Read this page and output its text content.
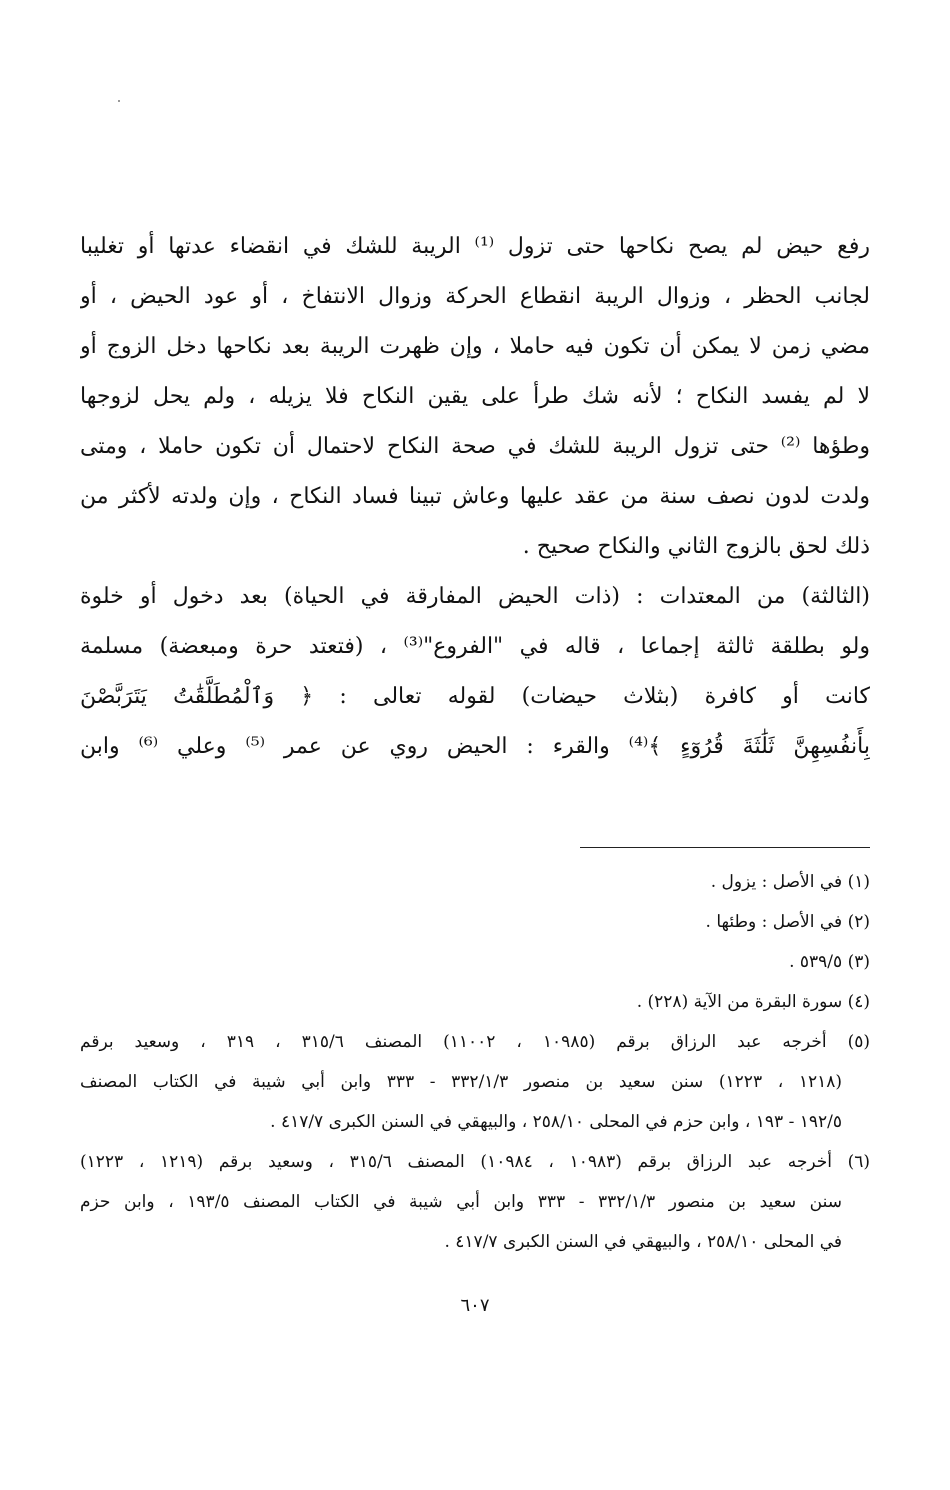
رفع حيض لم يصح نكاحها حتى تزول ⁽¹⁾ الريبة للشك في انقضاء عدتها أو تغليبا
لجانب الحظر ، وزوال الريبة انقطاع الحركة وزوال الانتفاخ ، أو عود الحيض ، أو
مضي زمن لا يمكن أن تكون فيه حاملا ، وإن ظهرت الريبة بعد نكاحها دخل الزوج أو
لا لم يفسد النكاح ؛ لأنه شك طرأ على يقين النكاح فلا يزيله ، ولم يحل لزوجها
وطؤها ⁽²⁾ حتى تزول الريبة للشك في صحة النكاح لاحتمال أن تكون حاملا ، ومتى
ولدت لدون نصف سنة من عقد عليها وعاش تبينا فساد النكاح ، وإن ولدته لأكثر من
ذلك لحق بالزوج الثاني والنكاح صحيح .
(الثالثة) من المعتدات : (ذات الحيض المفارقة في الحياة) بعد دخول أو خلوة
ولو بطلقة ثالثة إجماعا ، قاله في "الفروع"⁽³⁾ ، (فتعتد حرة ومبعضة) مسلمة
كانت أو كافرة (بثلاث حيضات) لقوله تعالى : ﴿ وَٱلْمُطَلَّقَٰتُ يَتَرَبَّصْنَ
بِأَنفُسِهِنَّ ثَلَٰثَةَ قُرُوٓءٍ ﴾⁽⁴⁾ والقرء : الحيض روي عن عمر ⁽⁵⁾ وعلي ⁽⁶⁾ وابن
(١) في الأصل : يزول .
(٢) في الأصل : وطئها .
(٣) ٥٣٩/٥ .
(٤) سورة البقرة من الآية (٢٢٨) .
(٥) أخرجه عبد الرزاق برقم (١٠٩٨٥ ، ١١٠٠٢) المصنف ٣١٥/٦ ، ٣١٩ ، وسعيد برقم
(١٢١٨ ، ١٢٢٣) سنن سعيد بن منصور ٣٣٢/١/٣ - ٣٣٣ وابن أبي شيبة في الكتاب المصنف
١٩٢/٥ - ١٩٣ ، وابن حزم في المحلى ٢٥٨/١٠ ، والبيهقي في السنن الكبرى ٤١٧/٧ .
(٦) أخرجه عبد الرزاق برقم (١٠٩٨٣ ، ١٠٩٨٤) المصنف ٣١٥/٦ ، وسعيد برقم (١٢١٩ ، ١٢٢٣)
سنن سعيد بن منصور ٣٣٢/١/٣ - ٣٣٣ وابن أبي شيبة في الكتاب المصنف ١٩٣/٥ ، وابن حزم
في المحلى ٢٥٨/١٠ ، والبيهقي في السنن الكبرى ٤١٧/٧ .
٦٠٧
